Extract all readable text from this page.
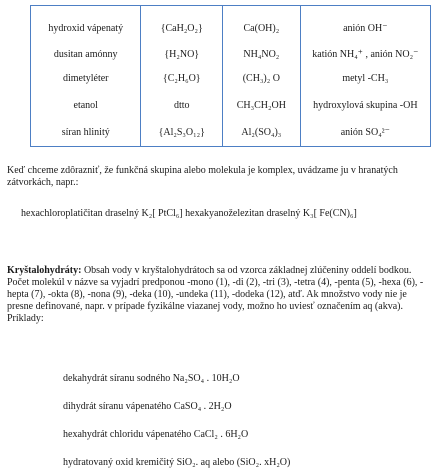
hydroxid vápenatý
dusitan amónny
dimetyléter
etanol
síran hlinitý
{CaH₂O₂}
{H₂NO}
{C₂H₆O}
dtto
{Al₂S₃O₁₂}
Ca(OH)₂
NH₄NO₂
(CH₃)₂ O
CH₃CH₂OH
Al₂(SO₄)₃
anión OH⁻
katión NH₄⁺ , anión NO₂⁻
metyl -CH₃
hydroxylová skupina -OH
anión SO₄²⁻
Keď chceme zdôrazniť, že funkčná skupina alebo molekula je komplex, uvádzame ju v hranatých zátvorkách, napr.:
hexachloroplatičitan draselný K₂[ PtCl₆] hexakyanoželezitan draselný K₃[ Fe(CN)₆]
Kryštalohydráty: Obsah vody v kryštalohydrátoch sa od vzorca základnej zlúčeniny oddelí bodkou. Počet molekúl v názve sa vyjadrí predponou -mono (1), -di (2), -tri (3), -tetra (4), -penta (5), -hexa (6), -hepta (7), -okta (8), -nona (9), -deka (10), -undeka (11), -dodeka (12), atď. Ak množstvo vody nie je presne definované, napr. v prípade fyzikálne viazanej vody, možno ho uviesť označením aq (akva). Príklady:
dekahydrát síranu sodného Na₂SO₄ . 10H₂O
dihydrát síranu vápenatého CaSO₄ . 2H₂O
hexahydrát chloridu vápenatého CaCl₂ . 6H₂O
hydratovaný oxid kremičitý SiO₂. aq alebo (SiO₂. xH₂O)
